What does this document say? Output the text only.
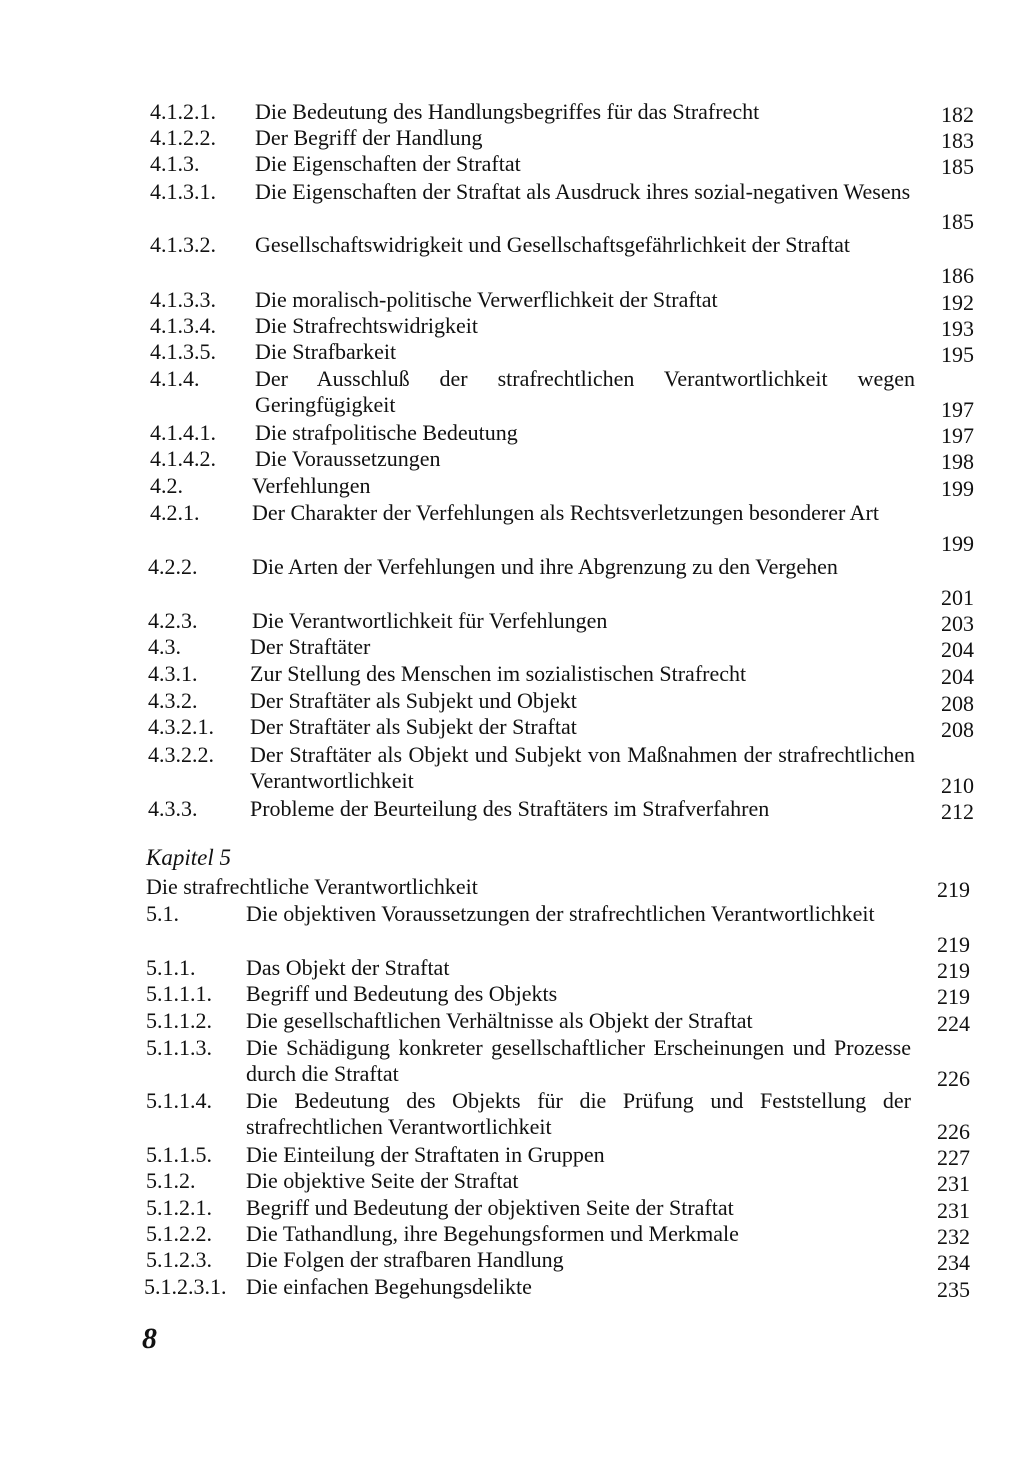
4.1.2.1. Die Bedeutung des Handlungsbegriffes für das Strafrecht	182
4.1.2.2. Der Begriff der Handlung	183
4.1.3.	Die Eigenschaften der Straftat	185
4.1.3.1. Die Eigenschaften der Straftat als Ausdruck ihres sozial-negativen Wesens
185
4.1.3.2. Gesellschaftswidrigkeit und Gesellschaftsgefährlichkeit der Straftat
186
4.1.3.3. Die moralisch-politische Verwerflichkeit der Straftat	192
4.1.3.4. Die Strafrechtswidrigkeit	193
4.1.3.5. Die Strafbarkeit	195
4.1.4.	Der Ausschluß der strafrechtlichen Verantwortlichkeit wegen Geringfügigkeit	197
4.1.4.1. Die strafpolitische Bedeutung	197
4.1.4.2. Die Voraussetzungen	198
4.2.	Verfehlungen	199
4.2.1. Der Charakter der Verfehlungen als Rechtsverletzungen besonderer Art
199
4.2.2. Die Arten der Verfehlungen und ihre Abgrenzung zu den Vergehen
201
4.2.3. Die Verantwortlichkeit für Verfehlungen	203
4.3.	Der Straftäter	204
4.3.1. Zur Stellung des Menschen im sozialistischen Strafrecht	204
4.3.2. Der Straftäter als Subjekt und Objekt	208
4.3.2.1. Der Straftäter als Subjekt der Straftat	208
4.3.2.2. Der Straftäter als Objekt und Subjekt von Maßnahmen der strafrechtlichen Verantwortlichkeit	210
4.3.3. Probleme der Beurteilung des Straftäters im Strafverfahren	212
Kapitel 5
Die strafrechtliche Verantwortlichkeit	219
5.1.	Die objektiven Voraussetzungen der strafrechtlichen Verantwortlichkeit
219
5.1.1. Das Objekt der Straftat	219
5.1.1.1. Begriff und Bedeutung des Objekts	219
5.1.1.2. Die gesellschaftlichen Verhältnisse als Objekt der Straftat	224
5.1.1.3. Die Schädigung konkreter gesellschaftlicher Erscheinungen und Prozesse durch die Straftat	226
5.1.1.4. Die Bedeutung des Objekts für die Prüfung und Feststellung der strafrechtlichen Verantwortlichkeit	226
5.1.1.5. Die Einteilung der Straftaten in Gruppen	227
5.1.2. Die objektive Seite der Straftat	231
5.1.2.1. Begriff und Bedeutung der objektiven Seite der Straftat	231
5.1.2.2. Die Tathandlung, ihre Begehungsformen und Merkmale	232
5.1.2.3. Die Folgen der strafbaren Handlung	234
5.1.2.3.1. Die einfachen Begehungsdelikte	235
8
